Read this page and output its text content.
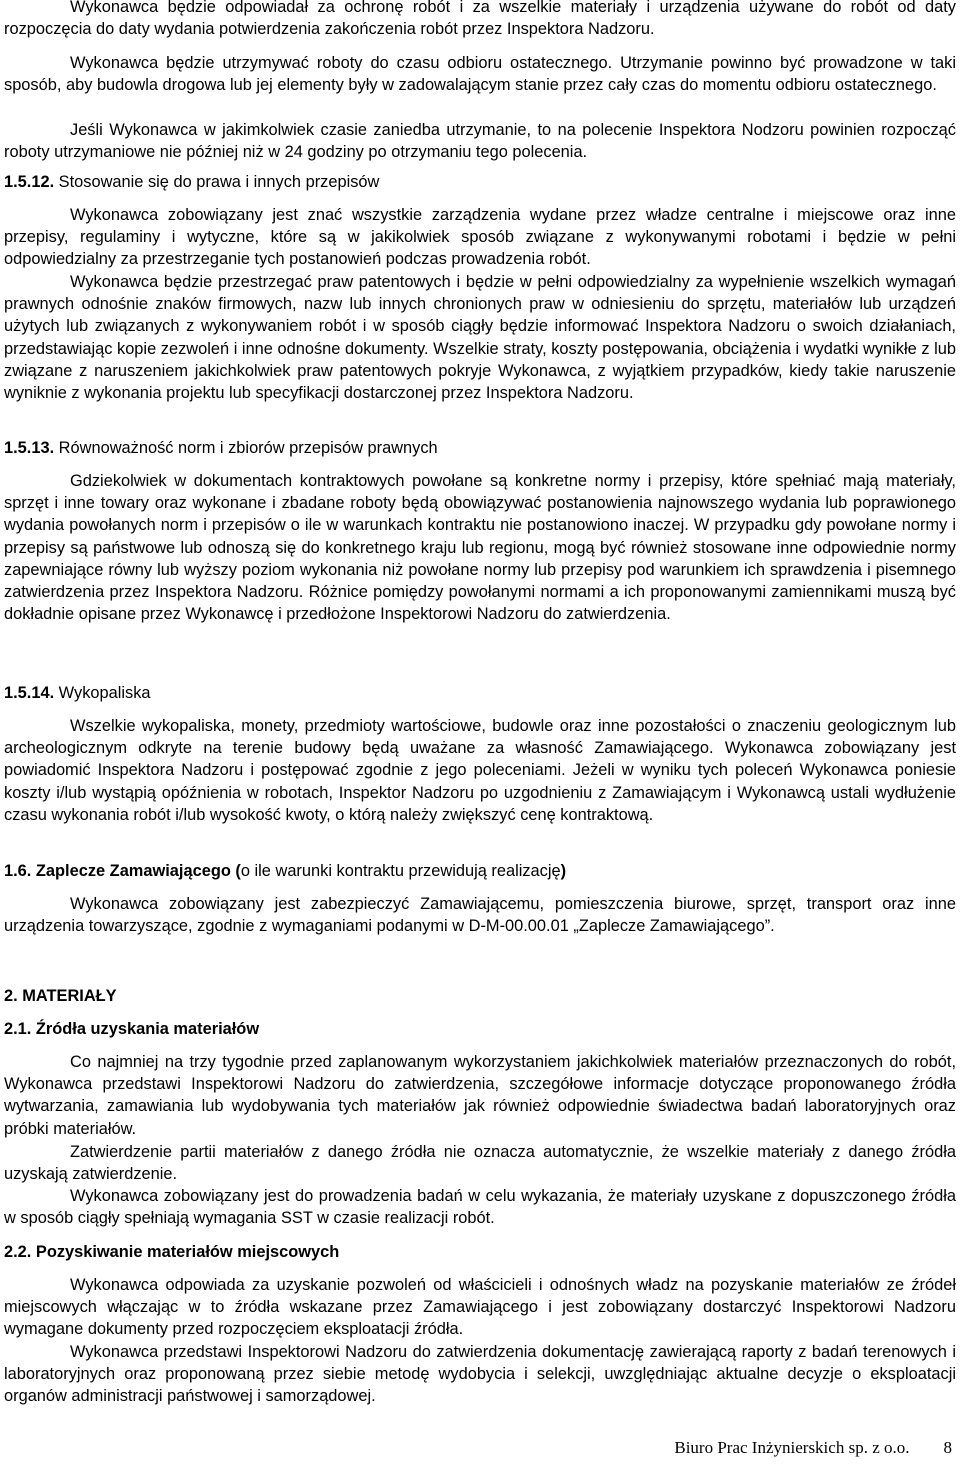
Wykonawca będzie odpowiadał za ochronę robót i za wszelkie materiały i urządzenia używane do robót od daty rozpoczęcia do daty wydania potwierdzenia zakończenia robót przez Inspektora Nadzoru.

Wykonawca będzie utrzymywać roboty do czasu odbioru ostatecznego. Utrzymanie powinno być prowadzone w taki sposób, aby budowla drogowa lub jej elementy były w zadowalającym stanie przez cały czas do momentu odbioru ostatecznego.

Jeśli Wykonawca w jakimkolwiek czasie zaniedba utrzymanie, to na polecenie Inspektora Nodzoru powinien rozpocząć roboty utrzymaniowe nie później niż w 24 godziny po otrzymaniu tego polecenia.

1.5.12. Stosowanie się do prawa i innych przepisów

Wykonawca zobowiązany jest znać wszystkie zarządzenia wydane przez władze centralne i miejscowe oraz inne przepisy, regulaminy i wytyczne, które są w jakikolwiek sposób związane z wykonywanymi robotami i będzie w pełni odpowiedzialny za przestrzeganie tych postanowień podczas prowadzenia robót.

Wykonawca będzie przestrzegać praw patentowych i będzie w pełni odpowiedzialny za wypełnienie wszelkich wymagań prawnych odnośnie znaków firmowych, nazw lub innych chronionych praw w odniesieniu do sprzętu, materiałów lub urządzeń użytych lub związanych z wykonywaniem robót i w sposób ciągły będzie informować Inspektora Nadzoru o swoich działaniach, przedstawiając kopie zezwoleń i inne odnośne dokumenty. Wszelkie straty, koszty postępowania, obciążenia i wydatki wynikłe z lub związane z naruszeniem jakichkolwiek praw patentowych pokryje Wykonawca, z wyjątkiem przypadków, kiedy takie naruszenie wyniknie z wykonania projektu lub specyfikacji dostarczonej przez Inspektora Nadzoru.

1.5.13. Równoważność norm i zbiorów przepisów prawnych

Gdziekolwiek w dokumentach kontraktowych powołane są konkretne normy i przepisy, które spełniać mają materiały, sprzęt i inne towary oraz wykonane i zbadane roboty będą obowiązywać postanowienia najnowszego wydania lub poprawionego wydania powołanych norm i przepisów o ile w warunkach kontraktu nie postanowiono inaczej. W przypadku gdy powołane normy i przepisy są państwowe lub odnoszą się do konkretnego kraju lub regionu, mogą być również stosowane inne odpowiednie normy zapewniające równy lub wyższy poziom wykonania niż powołane normy lub przepisy pod warunkiem ich sprawdzenia i pisemnego zatwierdzenia przez Inspektora Nadzoru. Różnice pomiędzy powołanymi normami a ich proponowanymi zamiennikami muszą być dokładnie opisane przez Wykonawcę i przedłożone Inspektorowi Nadzoru do zatwierdzenia.

1.5.14. Wykopaliska

Wszelkie wykopaliska, monety, przedmioty wartościowe, budowle oraz inne pozostałości o znaczeniu geologicznym lub archeologicznym odkryte na terenie budowy będą uważane za własność Zamawiającego. Wykonawca zobowiązany jest powiadomić Inspektora Nadzoru i postępować zgodnie z jego poleceniami. Jeżeli w wyniku tych poleceń Wykonawca poniesie koszty i/lub wystąpią opóźnienia w robotach, Inspektor Nadzoru po uzgodnieniu z Zamawiającym i Wykonawcą ustali wydłużenie czasu wykonania robót i/lub wysokość kwoty, o którą należy zwiększyć cenę kontraktową.

1.6. Zaplecze Zamawiającego (o ile warunki kontraktu przewidują realizację)

Wykonawca zobowiązany jest zabezpieczyć Zamawiającemu, pomieszczenia biurowe, sprzęt, transport oraz inne urządzenia towarzyszące, zgodnie z wymaganiami podanymi w D-M-00.00.01 „Zaplecze Zamawiającego”.

2. MATERIAŁY

2.1. Źródła uzyskania materiałów

Co najmniej na trzy tygodnie przed zaplanowanym wykorzystaniem jakichkolwiek materiałów przeznaczonych do robót, Wykonawca przedstawi Inspektorowi Nadzoru do zatwierdzenia, szczegółowe informacje dotyczące proponowanego źródła wytwarzania, zamawiania lub wydobywania tych materiałów jak również odpowiednie świadectwa badań laboratoryjnych oraz próbki materiałów.

Zatwierdzenie partii materiałów z danego źródła nie oznacza automatycznie, że wszelkie materiały z danego źródła uzyskają zatwierdzenie.

Wykonawca zobowiązany jest do prowadzenia badań w celu wykazania, że materiały uzyskane z dopuszczonego źródła w sposób ciągły spełniają wymagania SST w czasie realizacji robót.

2.2. Pozyskiwanie materiałów miejscowych

Wykonawca odpowiada za uzyskanie pozwoleń od właścicieli i odnośnych władz na pozyskanie materiałów ze źródeł miejscowych włączając w to źródła wskazane przez Zamawiającego i jest zobowiązany dostarczyć Inspektorowi Nadzoru wymagane dokumenty przed rozpoczęciem eksploatacji źródła.

Wykonawca przedstawi Inspektorowi Nadzoru do zatwierdzenia dokumentację zawierającą raporty z badań terenowych i laboratoryjnych oraz proponowaną przez siebie metodę wydobycia i selekcji, uwzględniając aktualne decyzje o eksploatacji organów administracji państwowej i samorządowej.

Biuro Prac Inżynierskich sp. z o.o. 8
